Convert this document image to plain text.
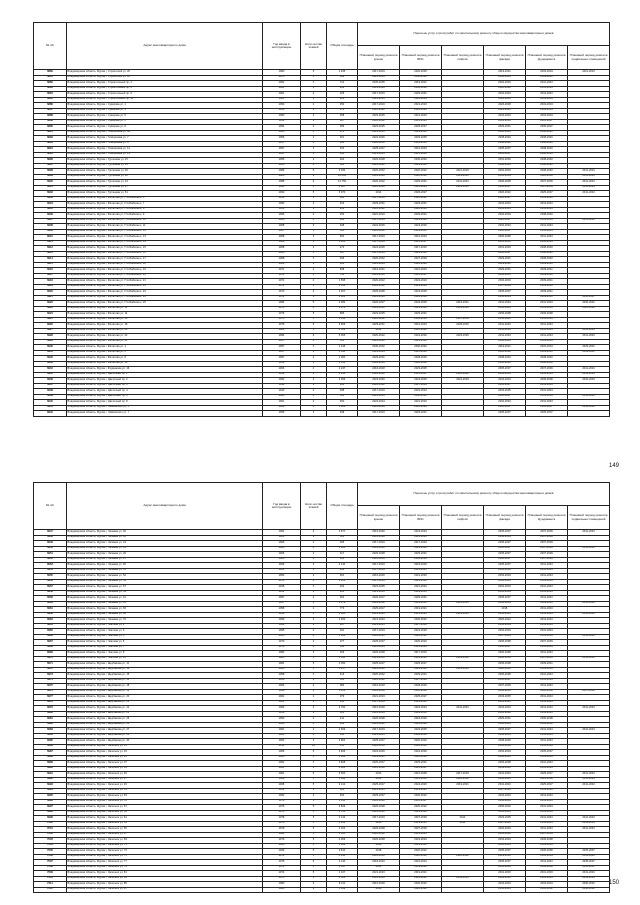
№ п/п	Адрес многоквартирного дома	Год ввода в эксплуатацию	Коли-чество этажей	Общая площадь	Перечень услуг и (или) работ по капитальному ремонту общего имущества многоквартирных домов					
					Плановый период ремонта крыши	Плановый период ремонта ВИС	Плановый период ремонта лифтов	Плановый период ремонта фасада	Плановый период ремонта фундамента	Плановый период ремонта подвальных помещений
6880	Владимирская область, Муром г, Строителей ул, 20	1980	5	1 495	2017-2019	2020-2025		2019-2021	2032-2034	2021-2023
6881	Владимирская область, Муром г, Строителей ул, 22	1975	3	362	2021-2023	2030-2032		2032-2034	2039-2041	
6882	Владимирская область, Муром г, Строительный пр, 4	1961	2	741	2035-2035	2019-2021		2032-2034	2041-2043	
6883	Владимирская область, Муром г, Строительный пр, 6	1961	2	289	2024-2026	2030-2032		2026-2028	2041-2043	
6884	Владимирская область, Муром г, Строительный пр, 9	1961	2	325	2017-2019	2029-2031		2032-2034	2041-2043	
6885	Владимирская область, Муром г, Строительный пр, 11	1961	2	261	2023-2025	2022-2024		2023-2025	2041-2043	
6886	Владимирская область, Муром г, Суворова ул, 1	1950	2	350	2017-2019	2021-2023		2026-2028	2032-2034	
6887	Владимирская область, Муром г, Суворова ул, 3	1950	2	373	2020-2022	2026-2028		2023-2025	2032-2034	
6888	Владимирская область, Муром г, Суворова ул, 5	1950	2	358	2023-2025	2021-2023		2032-2034	2032-2034	
6889	Владимирская область, Муром г, Суворова ул, 6	1954	2	387	2020-2022	2021-2023		2032-2034	2035-2037	
6890	Владимирская область, Муром г, Суворова ул, 8	1954	2	359	2023-2025	2025-2027		2029-2031	2035-2037	
6891	Владимирская область, Муром г, Тимирязева ул, 6А	1960	3	472	2023-2025	2029-2031		2038-2040	2038-2040	
6892	Владимирская область, Муром г, Тимирязева ул, 7	1956	2	361	2024-2026	2033-2035		2038-2040	2038-2040	
6893	Владимирская область, Муром г, Тимирязева ул, 9	1957	2	363	2028-2030	2033-2035		2038-2040	2038-2040	
6894	Владимирская область, Муром г, Тимирязева ул, 11	1957	2	404	2025-2027	2021-2023		2035-2037	2038-2040	
6895	Владимирская область, Муром г, Тимирязева ул, 13	1957	2	366	2023-2025	2021-2023		2035-2037	2038-2040	
6896	Владимирская область, Муром г, Тургенева ул, 15	1956	2	324	2026-2028	2030-2032		2031-2033	2038-2040	
6897	Владимирская область, Муром г, Тургенева ул, 21	1956	2	324	2020-2022	2029-2031		2034-2036	2038-2040	
6898	Владимирская область, Муром г, Тургенева ул, 30	1986	5	3 930	2020-2022	2020-2022	2021-2023	2032-2034	2038-2040	2041-2043
6899	Владимирская область, Муром г, Тургенева ул, 32	1986	9	10 889	2016-2018	2020-2022	2019-2021	2032-2034	2028-2030	2041-2043
6900	Владимирская область, Муром г, Тургенева ул, 34	1988	9	12 769	2020-2022	2029-2031	2041-2043	2036-2038	2037-2039	2041-2043
6901	Владимирская область, Муром г, Тургенева ул, 37	1991	5	4 187	2024-2026	2021-2023	2019-2021	2035-2037	2037-2039	2041-2043
6902	Владимирская область, Муром г, Тургенева ул, 51	1990	5	5 970	2014	2026-2027		2020-2022	2025-2027	2041-2043
6903	Владимирская область, Муром г, Филатова ул, П.А.Бабкина к, 6	1952	2	481	2017-2019	2020-2022		2035-2037	2041-2043	
6904	Владимирская область, Муром г, Филатова ул, П.А.Бабкина к, 7	1953	2	404	2029-2031	2029-2031		2032-2034	2041-2043	
6905	Владимирская область, Муром г, Филатова ул, П.А.Бабкина к, 8	1950	2	402	2020-2022	2022-2024		2033-2035	2041-2043	
6906	Владимирская область, Муром г, Филатова ул, П.А.Бабкина к, 9	1956	2	452	2021-2023	2029-2031		2032-2034	2038-2040	
6907	Владимирская область, Муром г, Филатова ул, П.А.Бабкина к, 10	1968	3	494	2017-2019	2024-2026		2026-2027	2041-2043	2015-2030
6908	Владимирская область, Муром г, Филатова ул, П.А.Бабкина к, 11	1968	3	498	2024-2026	2024-2026		2032-2034	2041-2043	
6909	Владимирская область, Муром г, Филатова ул, П.А.Бабкина к, 12	1967	3	500	2020-2022	2029-2031		2035-2037	2041-2043	
6910	Владимирская область, Муром г, Филатова ул, П.А.Бабкина к, 13	1968	3	500	2017-2019	2021-2023		2036-2038	2041-2043	
6911	Владимирская область, Муром г, Филатова ул, П.А.Бабкина к, 14	1968	3	1 201	2017-2019	2025-2027		2031-2033	2041-2043	
6912	Владимирская область, Муром г, Филатова ул, П.А.Бабкина к, 15	1968	3	473	2024-2026	2017-2019		2031-2033	2038-2040	
6913	Владимирская область, Муром г, Филатова ул, П.А.Бабкина к, 16	1968	3	447	2017-2019	2022-2024		2035-2037	2038-2040	
6914	Владимирская область, Муром г, Филатова ул, П.А.Бабкина к, 17	1968	3	495	2020-2022	2027-2029		2029-2031	2038-2040	
6915	Владимирская область, Муром г, Филатова ул, П.А.Бабкина к, 18	1969	3	966	2022-2024	2026-2028		2029-2031	2039-2041	
6916	Владимирская область, Муром г, Филатова ул, П.А.Бабкина к, 19	1971	4	848	2016-2021	2021-2023		2029-2031	2039-2041	
6917	Владимирская область, Муром г, Филатова ул, П.А.Бабкина к, 20	1971	4	751	2016-2021	2025-2027		2033-2035	2039-2041	
6918	Владимирская область, Муром г, Филатова ул, П.А.Бабкина к, 21	1971	4	1 595	2020-2022	2022-2024		2032-2034	2039-2041	
6919	Владимирская область, Муром г, Филатова ул, П.А.Бабкина к, 22	1971	4	1 141	2020-2022	2029-2031		2037-2039	2039-2041	
6920	Владимирская область, Муром г, Филатова ул, П.А.Бабкина к, 23	1973	4	2 307	2026-2028	2023-2025		2035-2037	2039-2041	
6921	Владимирская область, Муром г, Филатова ул, П.А.Бабкина к, 24	1974	4	3 301	2024-2026	2024-2026		2032-2034	2039-2041	2035-2037
6922	Владимирская область, Муром г, Филатова ул, П.А.Бабкина к, 25	1984	5	3 384	2026-2027	2034-2036	2019-2021	2041-2043	2041-2043	2030-2032
6923	Владимирская область, Муром г, Филатова ул, 12	1976	4	4 472	2016-2018	2021-2023	2019-2021	2041-2043	2041-2043	2026-2028
6924	Владимирская область, Муром г, Филатова ул, 14	1975	5	895	2023-2025	2029-2031		2036-2038	2036-2038	
6925	Владимирская область, Муром г, Филатова ул, 16	1975	5	2 356	2020-2022	2022-2024	2037-2039	2041-2043	2041-2043	
6926	Владимирская область, Муром г, Филатова ул, 18	1975	5	3 809	2029-2031	2021-2023	2028-2030	2041-2043	2041-2043	
6927	Владимирская область, Муром г, Филатова ул, 20	1983	5	2 509	2014	2020-2022		2041-2043	2041-2043	2041-2043
6928	Владимирская область, Муром г, Филатова ул, 22	1994	6	5 305	2020-2022	2024-2026	2023-2025	2041-2043	2041-2043	2041-2043
6929	Владимирская область, Муром г, Филатова ул, 24	1957	2	502	2026-2028	2022-2024		2041-2043	2041-2043	
6930	Владимирская область, Муром г, Филатова ул, 4	1957	2	1 446	2030-2032	2030-2032		2019-2021	2032-2034	2029-2031
6931	Владимирская область, Муром г, Филатова ул, 6	1957	2	1 090	2022-2024	2021-2023		2036-2038	2039-2041	2039-2041
6932	Владимирская область, Муром г, Филатова ул, 8	1957	2	1 050	2029-2031	2028-2030		2038-2040	2038-2040	
6933	Владимирская область, Муром г, Филатова ул, 10	1958	3	1 151	2018-2020	2026-2028		2030-2032	2038-2040	
6934	Владимирская область, Муром г, Фурманова ул, 16	1966	4	2 247	2016-2018	2023-2025		2035-2037	2037-2039	2041-2043
6935	Владимирская область, Муром г, Цветочный пр, 1	1952	2	1 442	2020-2022	2025-2027	2020-2022	2032-2034	2041-2043	2041-2043
6936	Владимирская область, Муром г, Цветочный пр, 2	1952	2	2 356	2024-2026	2024-2026	2021-2023	2032-2034	2036-2038	2032-2034
6937	Владимирская область, Муром г, Цветочный пр, 3	1952	2	490	2020-2022	2027-2029		2035-2037	2041-2043	
6938	Владимирская область, Муром г, Цветочный пр, 4	1940	2	488	2017-2019	2022-2024		2033-2035	2041-2043	
6939	Владимирская область, Муром г, Цветочный пр, 6	1940	2	501	2021-2023	2030-2032		2035-2037	2041-2043	2041-2043
6940	Владимирская область, Муром г, Цветочный пр, 8	1961	2	450	2022-2024	2021-2023		2032-2034	2041-2043	
6941	Владимирская область, Муром г, Чайковского ул, 5	1964	4	2 482	2024-2026	2026-2028		2035-2037	2035-2037	2041-2043
6942	Владимирская область, Муром г, Чайковского ул, 7	1955	2	498	2017-2019	2029-2031		2035-2037	2035-2037	
149
№ п/п	Адрес многоквартирного дома	Год ввода в эксплуатацию	Коли-чество этажей	Общая площадь	Перечень услуг и (или) работ по капитальному ремонту общего имущества многоквартирных домов					
					Плановый период ремонта крыши	Плановый период ремонта ВИС	Плановый период ремонта лифтов	Плановый период ремонта фасада	Плановый период ремонта фундамента	Плановый период ремонта подвальных помещений
6947	Владимирская область, Муром г, Чапаева ул, 40	1964	4	2 877	2016-2020	2023-2024		2035-2037	2037-2039	2041-2043
6948	Владимирская область, Муром г, Чапаева ул, 42	1966	3	501	2016-2020	2023-2025		2032-2034	2037-2039	
6949	Владимирская область, Муром г, Чапаева ул, 44	1966	2	365	2017-2019	2017-2019		2035-2037	2037-2039	
6950	Владимирская область, Муром г, Чапаева ул, 45	1966	4	2 384	2016-2018	2024-2026		2035-2037	2037-2039	2041-2043
6951	Владимирская область, Муром г, Чапаева ул, 46	1966	2	317	2026-2028	2029-2031		2035-2037	2037-2039	
6952	Владимирская область, Муром г, Чапаева ул, 47	1966	2	309	2016-2018	2022-2024		2035-2037	2037-2039	
6953	Владимирская область, Муром г, Чапаева ул, 50	1966	4	3 134	2017-2019	2018-2020		2035-2037	2041-2043	
6954	Владимирская область, Муром г, Чапаева ул, 51	1951	2	369	2017-2019	2023-2025		2032-2034	2041-2043	
6955	Владимирская область, Муром г, Чапаева ул, 52	1952	2	361	2016-2020	2021-2025		2032-2034	2041-2043	
6956	Владимирская область, Муром г, Чапаева ул, 54	1970	4	2 161	2017-2019	2024-2026		2033-2035	2041-2043	
6957	Владимирская область, Муром г, Чапаева ул, 57	1945	2	322	2023-2025	2021-2023		2032-2034	2041-2043	
6958	Владимирская область, Муром г, Чапаева ул, 59	1952	2	400	2021-2023	2029-2031		2032-2034	2041-2043	
6959	Владимирская область, Муром г, Чапаева ул, 61	1957	2	364	2026-2027	2029-2031		2035-2037	2041-2043	
6960	Владимирская область, Муром г, Чапаева ул, 64	1957	4	2 479	2020-2022	2023-2025	2021-2023	2032-2034	2039-2041	2041-2043
6961	Владимирская область, Муром г, Чапаева ул, 66	1958	2	773	2025-2027	2019-2021		2018	2041-2043	
6962	Владимирская область, Муром г, Чапаева ул, 68	1959	4	2 625	2025-2026	2021-2023	2019-2021	2041-2043	2041-2043	2041-2043
6963	Владимирская область, Муром г, Чапаева ул, 70	1959	3	1 450	2021-2023	2020-2022		2020-2022	2041-2043	
6964	Владимирская область, Муром г, Чкалова ул, 2	1949	2	367	2023-2025	2027-2029		2032-2034	2041-2043	
6965	Владимирская область, Муром г, Чкалова ул, 3	1955	2	391	2017-2019	2024-2026		2032-2034	2041-2043	
6966	Владимирская область, Муром г, Чкалова ул, 5	1955	4	1 366	2018-2020	2020-2022		2037-2039	2041-2043	2041-2043
6967	Владимирская область, Муром г, Чкалова ул, 6	1970	2	377	2025-2027	2020-2022		2036-2038	2037-2039	
6968	Владимирская область, Муром г, Чкалова ул, 7	1970	2	332	2022-2024	2021-2023		2035-2037	2041-2043	
6969	Владимирская область, Муром г, Чкалова ул, 8	1983	3	369	2026-2028	2017-2019		2036-2038	2041-2043	
6970	Владимирская область, Муром г, Чкалова ул, 10	1985	5	6 140	2029-2031	2024-2026	2019-2021	2032-2034	2037-2039	2041-2043
6971	Владимирская область, Муром г, Щербакова ул, 11	1981	5	4 050	2025-2027	2025-2027		2036-2038	2039-2041	
6972	Владимирская область, Муром г, Щербакова ул, 13	1980	5	2 417	2026-2028	2024-2026	2019-2021	2028-2030	2041-2043	
6973	Владимирская область, Муром г, Щербакова ул, 15	1958	2	415	2020-2022	2029-2031		2036-2038	2041-2043	
6974	Владимирская область, Муром г, Щербакова ул, 16	1958	2	516	2020-2022	2027-2029		2035-2037	2041-2043	
6975	Владимирская область, Муром г, Щербакова ул, 18	1966	2	384	2016-2018	2028-2030		2037-2039	2041-2043	
6976	Владимирская область, Муром г, Щербакова ул, 19	1948	4	3 113	2016-2018	2026-2028		2033-2035	2036-2038	2037-2039
6977	Владимирская область, Муром г, Щербакова ул, 20	1961	2	379	2021-2023	2025-2027		2033-2035	2041-2043	
6978	Владимирская область, Муром г, Щербакова ул, 21	1961	2	430	2017-2019	2023-2025		2033-2035	2041-2043	
6979	Владимирская область, Муром г, Щербакова ул, 22	1966	4	2 790	2016-2018	2022-2024	2041-2043	2032-2034	2041-2043	2041-2043
6980	Владимирская область, Муром г, Щербакова ул, 23	1959	2	461	2022-2024	2029-2031		2036-2038	2041-2043	
6981	Владимирская область, Муром г, Щербакова ул, 25	1950	2	411	2026-2028	2018-2020		2029-2031	2036-2038	
6982	Владимирская область, Муром г, Щербакова ул, 26	1950	2	442	2020-2022	2026-2028		2032-2034	2036-2038	
6983	Владимирская область, Муром г, Щербакова ул, 27	1961	2	2 609	2017-2019	2023-2025		2035-2037	2041-2043	2041-2043
6984	Владимирская область, Муром г, Щербакова ул, 28	1961	2	358	2023-2025	2028-2030		2033-2035	2041-2043	
6985	Владимирская область, Муром г, Щербакова ул, 30	1962	2	2 802	2025-2027	2020-2022		2028-2030	2041-2043	
6986	Владимирская область, Муром г, Энгельса ул, 31	2013	10	450	2028-2030	2028-2030		2032-2034	2041-2043	
6987	Владимирская область, Муром г, Энгельса ул, 33	1966	5	3 826	2024-2026	2024-2026		2032-2034	2035-2037	
6988	Владимирская область, Муром г, Энгельса ул, 35	1966	5	3 851	2019-2021	2018-2020		2038-2040	2041-2043	
6989	Владимирская область, Муром г, Энгельса ул, 37	1961	4	3 828	2025-2027	2029-2031		2036-2038	2041-2043	
6990	Владимирская область, Муром г, Энгельса ул, 39	1961	4	6 180	2016-2018	2025-2027		2039-2041	2041-2043	
6991	Владимирская область, Муром г, Энгельса ул, 45	1961	5	6 500	2014	2016-2028	2017-2019	2041-2043	2025-2027	2041-2043
6992	Владимирская область, Муром г, Энгельса ул, 47	1968	5	5 838	2014	2021-2023	2018-2020	2041-2043	2026-2028	2041-2043
6993	Владимирская область, Муром г, Энгельса ул, 49	1968	5	9 212	2025-2027	2024-2026	2019-2021	2041-2043	2025-2027	2041-2043
6994	Владимирская область, Муром г, Энгельса ул, 51	1952	2	386	2021-2023	2019-2021		2027-2029	2041-2043	
6995	Владимирская область, Муром г, Энгельса ул, 53	1952	2	460	2025-2027	2020-2022		2032-2034	2041-2043	
6996	Владимирская область, Муром г, Энгельса ул, 55	1976	5	3 310	2026-2028	2025-2027		2032-2034	2041-2043	
6997	Владимирская область, Муром г, Энгельса ул, 57	1976	5	3 826	2026-2028	2020-2022		2030-2032	2041-2043	
6998	Владимирская область, Муром г, Энгельса ул, 59	1976	5	3 761	2026-2028	2024-2026		2033-2035	2041-2043	
6999	Владимирская область, Муром г, Энгельса ул, 61	1978	5	4 142	2017-2019	2027-2029	2014	2033-2035	2041-2043	2041-2043
7000	Владимирская область, Муром г, Энгельса ул, 63	1978	5	4 143	2018	2019-2021	2014	2027-2029	2041-2043	2041-2043
7001	Владимирская область, Муром г, Энгельса ул, 65	1979	5	4 162	2026-2028	2027-2029		2032-2034	2041-2043	2041-2043
7002	Владимирская область, Муром г, Энгельса ул, 67	1962	5	1 355	2020-2022	2023-2025		2031-2033	2037-2039	
7003	Владимирская область, Муром г, Энгельса ул, 69	1970	5	4 003	2026-2028	2022-2024		2032-2034	2036-2038	
7004	Владимирская область, Муром г, Энгельса ул, 71	1968	5	3 809	2019	2019-2021		2031-2033	2041-2043	
7005	Владимирская область, Муром г, Энгельса ул, 73	1969	5	3 810	2018	2020-2022		2035-2037	2036-2038	2035-2037
7006	Владимирская область, Муром г, Энгельса ул, 75	1974	5	4 140	2016-2018	2020-2022	2020-2022	2029-2031	2032-2034	2041-2043
7007	Владимирская область, Муром г, Энгельса ул, 77	1975	5	4 140	2018-2019	2022-2024		2035-2037	2041-2043	2035-2037
7008	Владимирская область, Муром г, Энгельса ул, 79	1973	5	4 147	2016	2019-2021		2031-2033	2036-2038	2035-2037
7009	Владимирская область, Муром г, Энгельса ул, 81	1974	5	4 167	2021-2023	2019-2021		2031-2033	2031-2033	2041-2043
7010	Владимирская область, Муром г, Энгельса ул, 83	1975	5	4 523	2016-2018	2020-2022	2041-2043	2034-2036	2032-2034	2041-2043
7011	Владимирская область, Муром г, Энгельса ул, 85	1980	9	8 211	2016-2018	2020-2022		2032-2034	2032-2034	2030-2032
7012	Владимирская область, Муром г, Энгельса ул, 87	1980	9	5 199	2018	2020-2022		2041-2043	2030-2032	2030-2032
150
